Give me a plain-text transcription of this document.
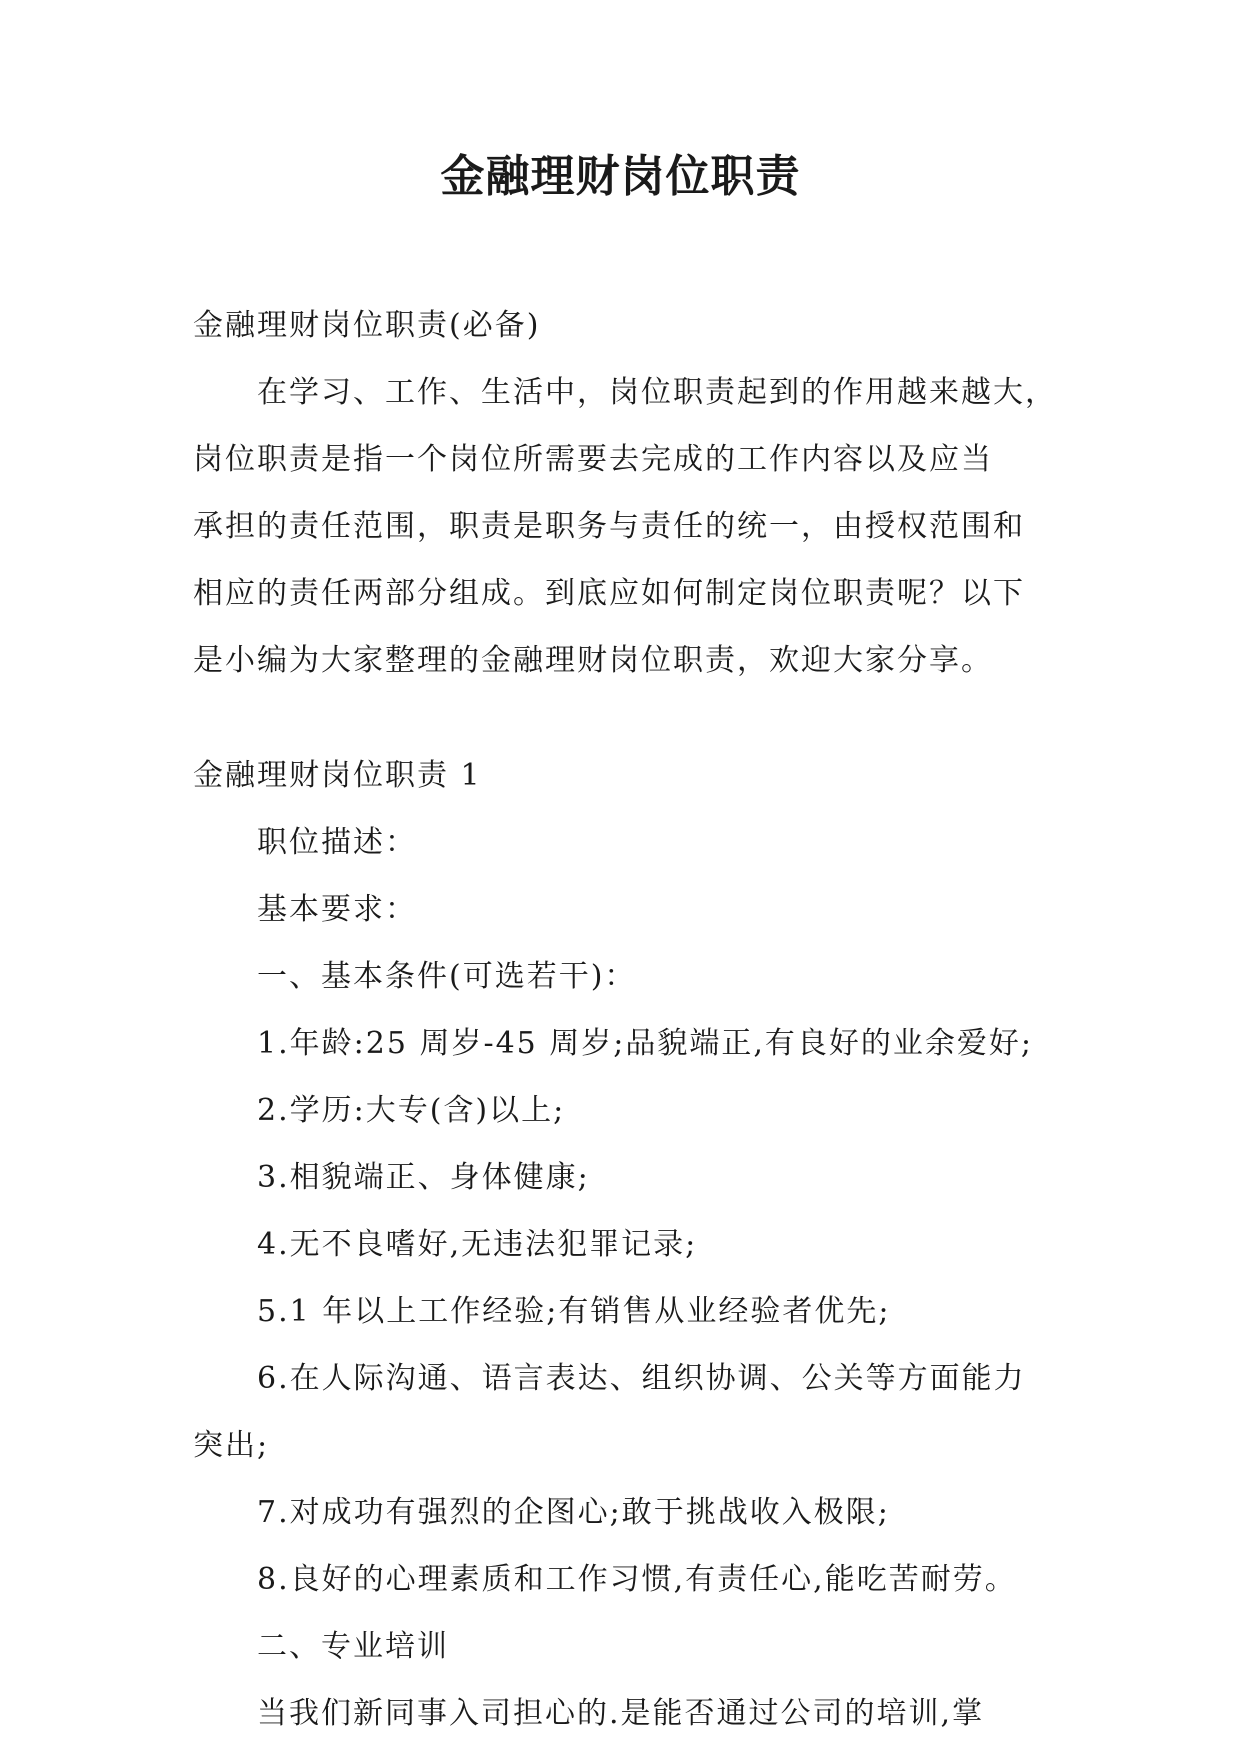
金融理财岗位职责
金融理财岗位职责(必备)
在学习、工作、生活中，岗位职责起到的作用越来越大，
岗位职责是指一个岗位所需要去完成的工作内容以及应当
承担的责任范围，职责是职务与责任的统一，由授权范围和
相应的责任两部分组成。到底应如何制定岗位职责呢？以下
是小编为大家整理的金融理财岗位职责，欢迎大家分享。
金融理财岗位职责 1
职位描述：
基本要求：
一、基本条件(可选若干)：
1.年龄:25 周岁-45 周岁;品貌端正,有良好的业余爱好;
2.学历:大专(含)以上;
3.相貌端正、身体健康;
4.无不良嗜好,无违法犯罪记录;
5.1 年以上工作经验;有销售从业经验者优先;
6.在人际沟通、语言表达、组织协调、公关等方面能力
突出;
7.对成功有强烈的企图心;敢于挑战收入极限;
8.良好的心理素质和工作习惯,有责任心,能吃苦耐劳。
二、专业培训
当我们新同事入司担心的.是能否通过公司的培训,掌
